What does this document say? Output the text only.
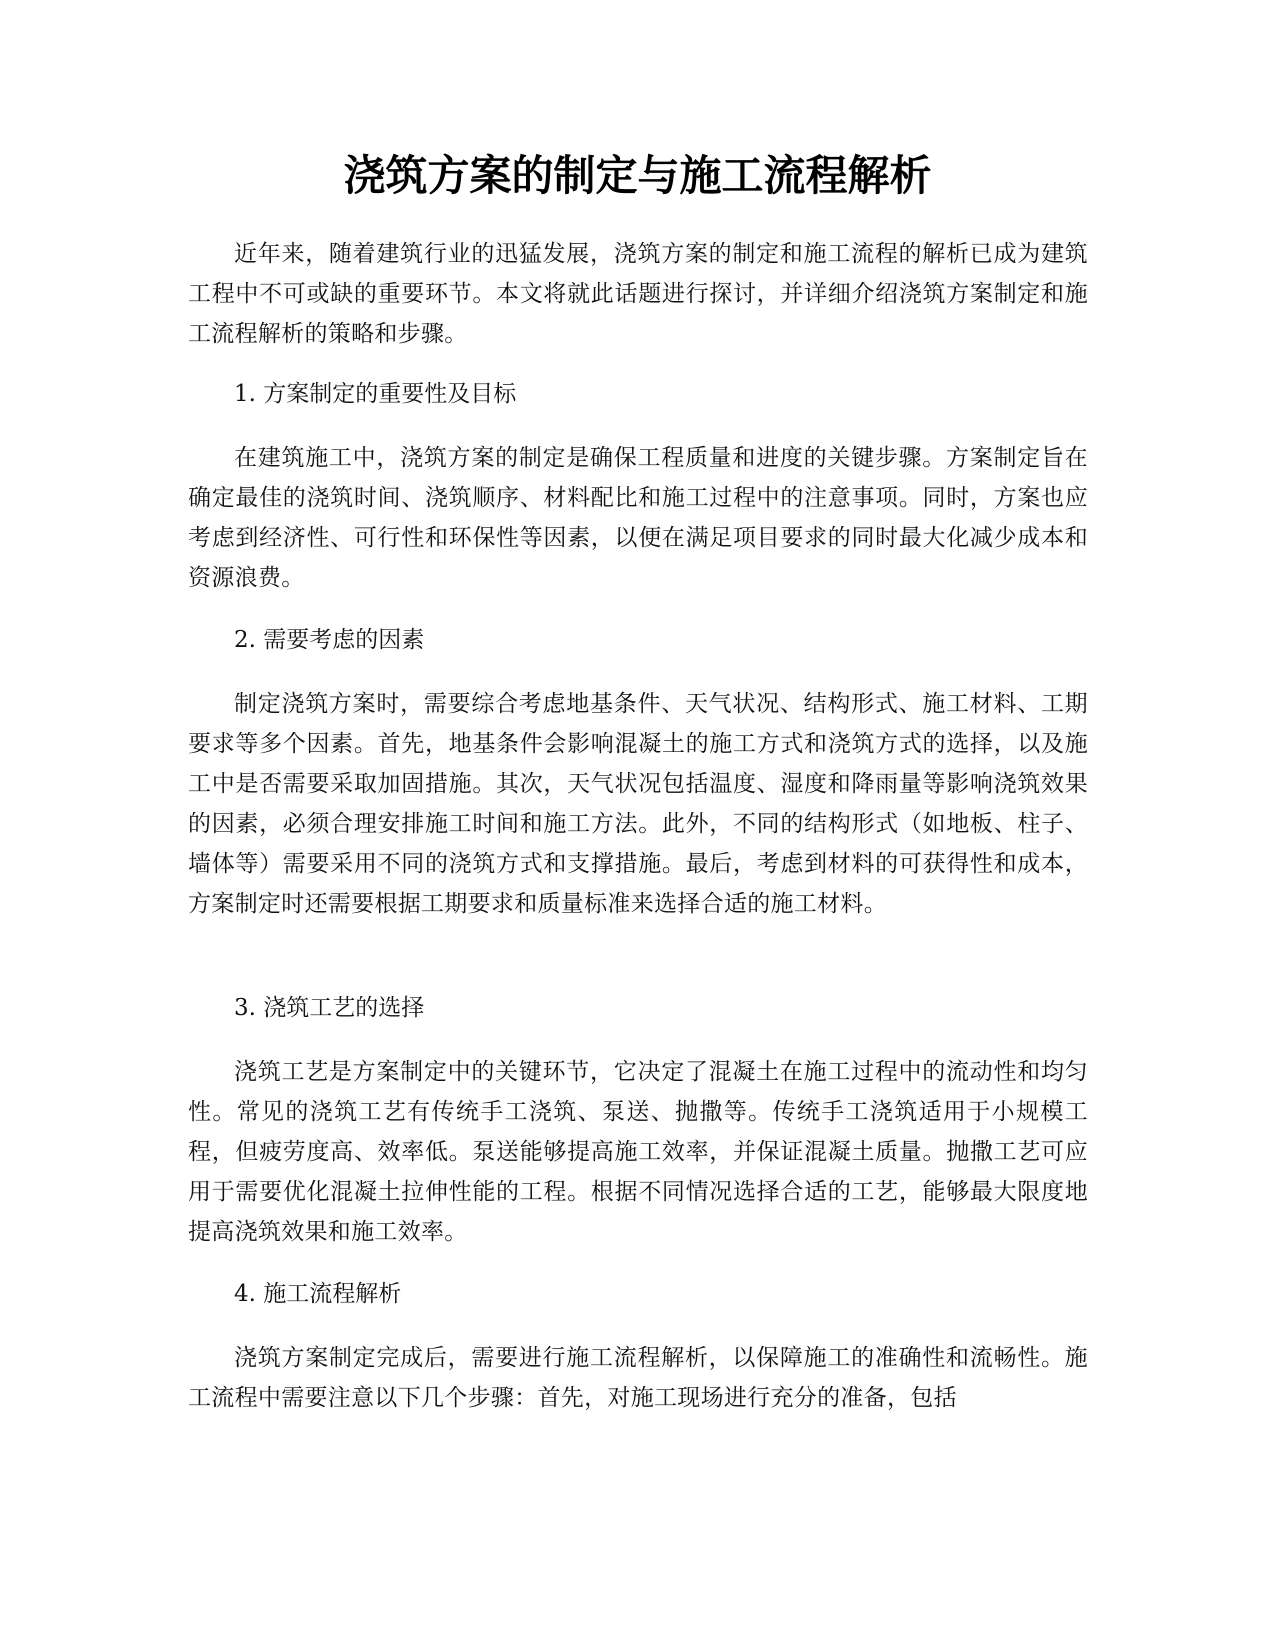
浇筑方案的制定与施工流程解析

近年来，随着建筑行业的迅猛发展，浇筑方案的制定和施工流程的解析已成为建筑工程中不可或缺的重要环节。本文将就此话题进行探讨，并详细介绍浇筑方案制定和施工流程解析的策略和步骤。

1. 方案制定的重要性及目标

在建筑施工中，浇筑方案的制定是确保工程质量和进度的关键步骤。方案制定旨在确定最佳的浇筑时间、浇筑顺序、材料配比和施工过程中的注意事项。同时，方案也应考虑到经济性、可行性和环保性等因素，以便在满足项目要求的同时最大化减少成本和资源浪费。

2. 需要考虑的因素

制定浇筑方案时，需要综合考虑地基条件、天气状况、结构形式、施工材料、工期要求等多个因素。首先，地基条件会影响混凝土的施工方式和浇筑方式的选择，以及施工中是否需要采取加固措施。其次，天气状况包括温度、湿度和降雨量等影响浇筑效果的因素，必须合理安排施工时间和施工方法。此外，不同的结构形式（如地板、柱子、墙体等）需要采用不同的浇筑方式和支撑措施。最后，考虑到材料的可获得性和成本，方案制定时还需要根据工期要求和质量标准来选择合适的施工材料。

3. 浇筑工艺的选择

浇筑工艺是方案制定中的关键环节，它决定了混凝土在施工过程中的流动性和均匀性。常见的浇筑工艺有传统手工浇筑、泵送、抛撒等。传统手工浇筑适用于小规模工程，但疲劳度高、效率低。泵送能够提高施工效率，并保证混凝土质量。抛撒工艺可应用于需要优化混凝土拉伸性能的工程。根据不同情况选择合适的工艺，能够最大限度地提高浇筑效果和施工效率。

4. 施工流程解析

浇筑方案制定完成后，需要进行施工流程解析，以保障施工的准确性和流畅性。施工流程中需要注意以下几个步骤：首先，对施工现场进行充分的准备，包括
